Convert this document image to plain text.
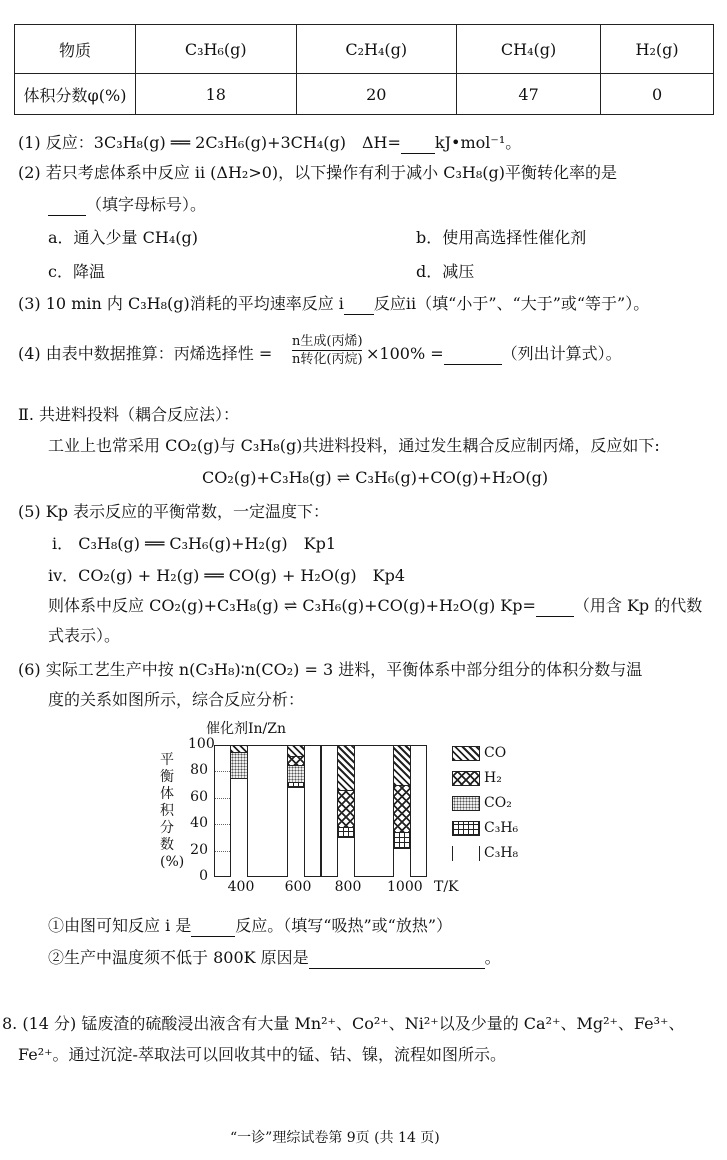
物质	C₃H₆(g)	C₂H₄(g)	CH₄(g)	H₂(g)
体积分数φ(%)	18	20	47	0
(1) 反应：3C₃H₈(g) ══ 2C₃H₆(g)+3CH₄(g)　ΔH= kJ•mol⁻¹。
(2) 若只考虑体系中反应 ii (ΔH₂>0)，以下操作有利于减小 C₃H₈(g)平衡转化率的是
（填字母标号）。
a．通入少量 CH₄(g)	b．使用高选择性催化剂
c．降温	d．减压
(3) 10 min 内 C₃H₈(g)消耗的平均速率反应 i 反应ii（填“小于”、“大于”或“等于”）。
(4) 由表中数据推算：丙烯选择性 =
n生成(丙烯)
n转化(丙烷) ×100% =	（列出计算式）。
Ⅱ. 共进料投料（耦合反应法）：
工业上也常采用 CO₂(g)与 C₃H₈(g)共进料投料，通过发生耦合反应制丙烯，反应如下:
CO₂(g)+C₃H₈(g) ⇌ C₃H₆(g)+CO(g)+H₂O(g)
(5) Kp 表示反应的平衡常数，一定温度下：
i． C₃H₈(g) ══ C₃H₆(g)+H₂(g)　Kp1
iv．CO₂(g) + H₂(g) ══ CO(g) + H₂O(g)　Kp4
则体系中反应 CO₂(g)+C₃H₈(g) ⇌ C₃H₆(g)+CO(g)+H₂O(g) Kp= （用含 Kp 的代数
式表示）。
(6) 实际工艺生产中按 n(C₃H₈)∶n(CO₂) = 3 进料，平衡体系中部分组分的体积分数与温
度的关系如图所示，综合反应分析：
催化剂In/Zn
平衡体积分数(%)
0
20
40
60
80
100
400 600 800 1000 T/K
CO
H₂
CO₂
C₃H₆
C₃H₈
①由图可知反应 i 是	反应。（填写“吸热”或“放热”）
②生产中温度须不低于 800K 原因是	。
8. (14 分) 锰废渣的硫酸浸出液含有大量 Mn²⁺、Co²⁺、Ni²⁺以及少量的 Ca²⁺、Mg²⁺、Fe³⁺、
Fe²⁺。通过沉淀-萃取法可以回收其中的锰、钴、镍，流程如图所示。
“一诊”理综试卷第 9页 (共 14 页)
